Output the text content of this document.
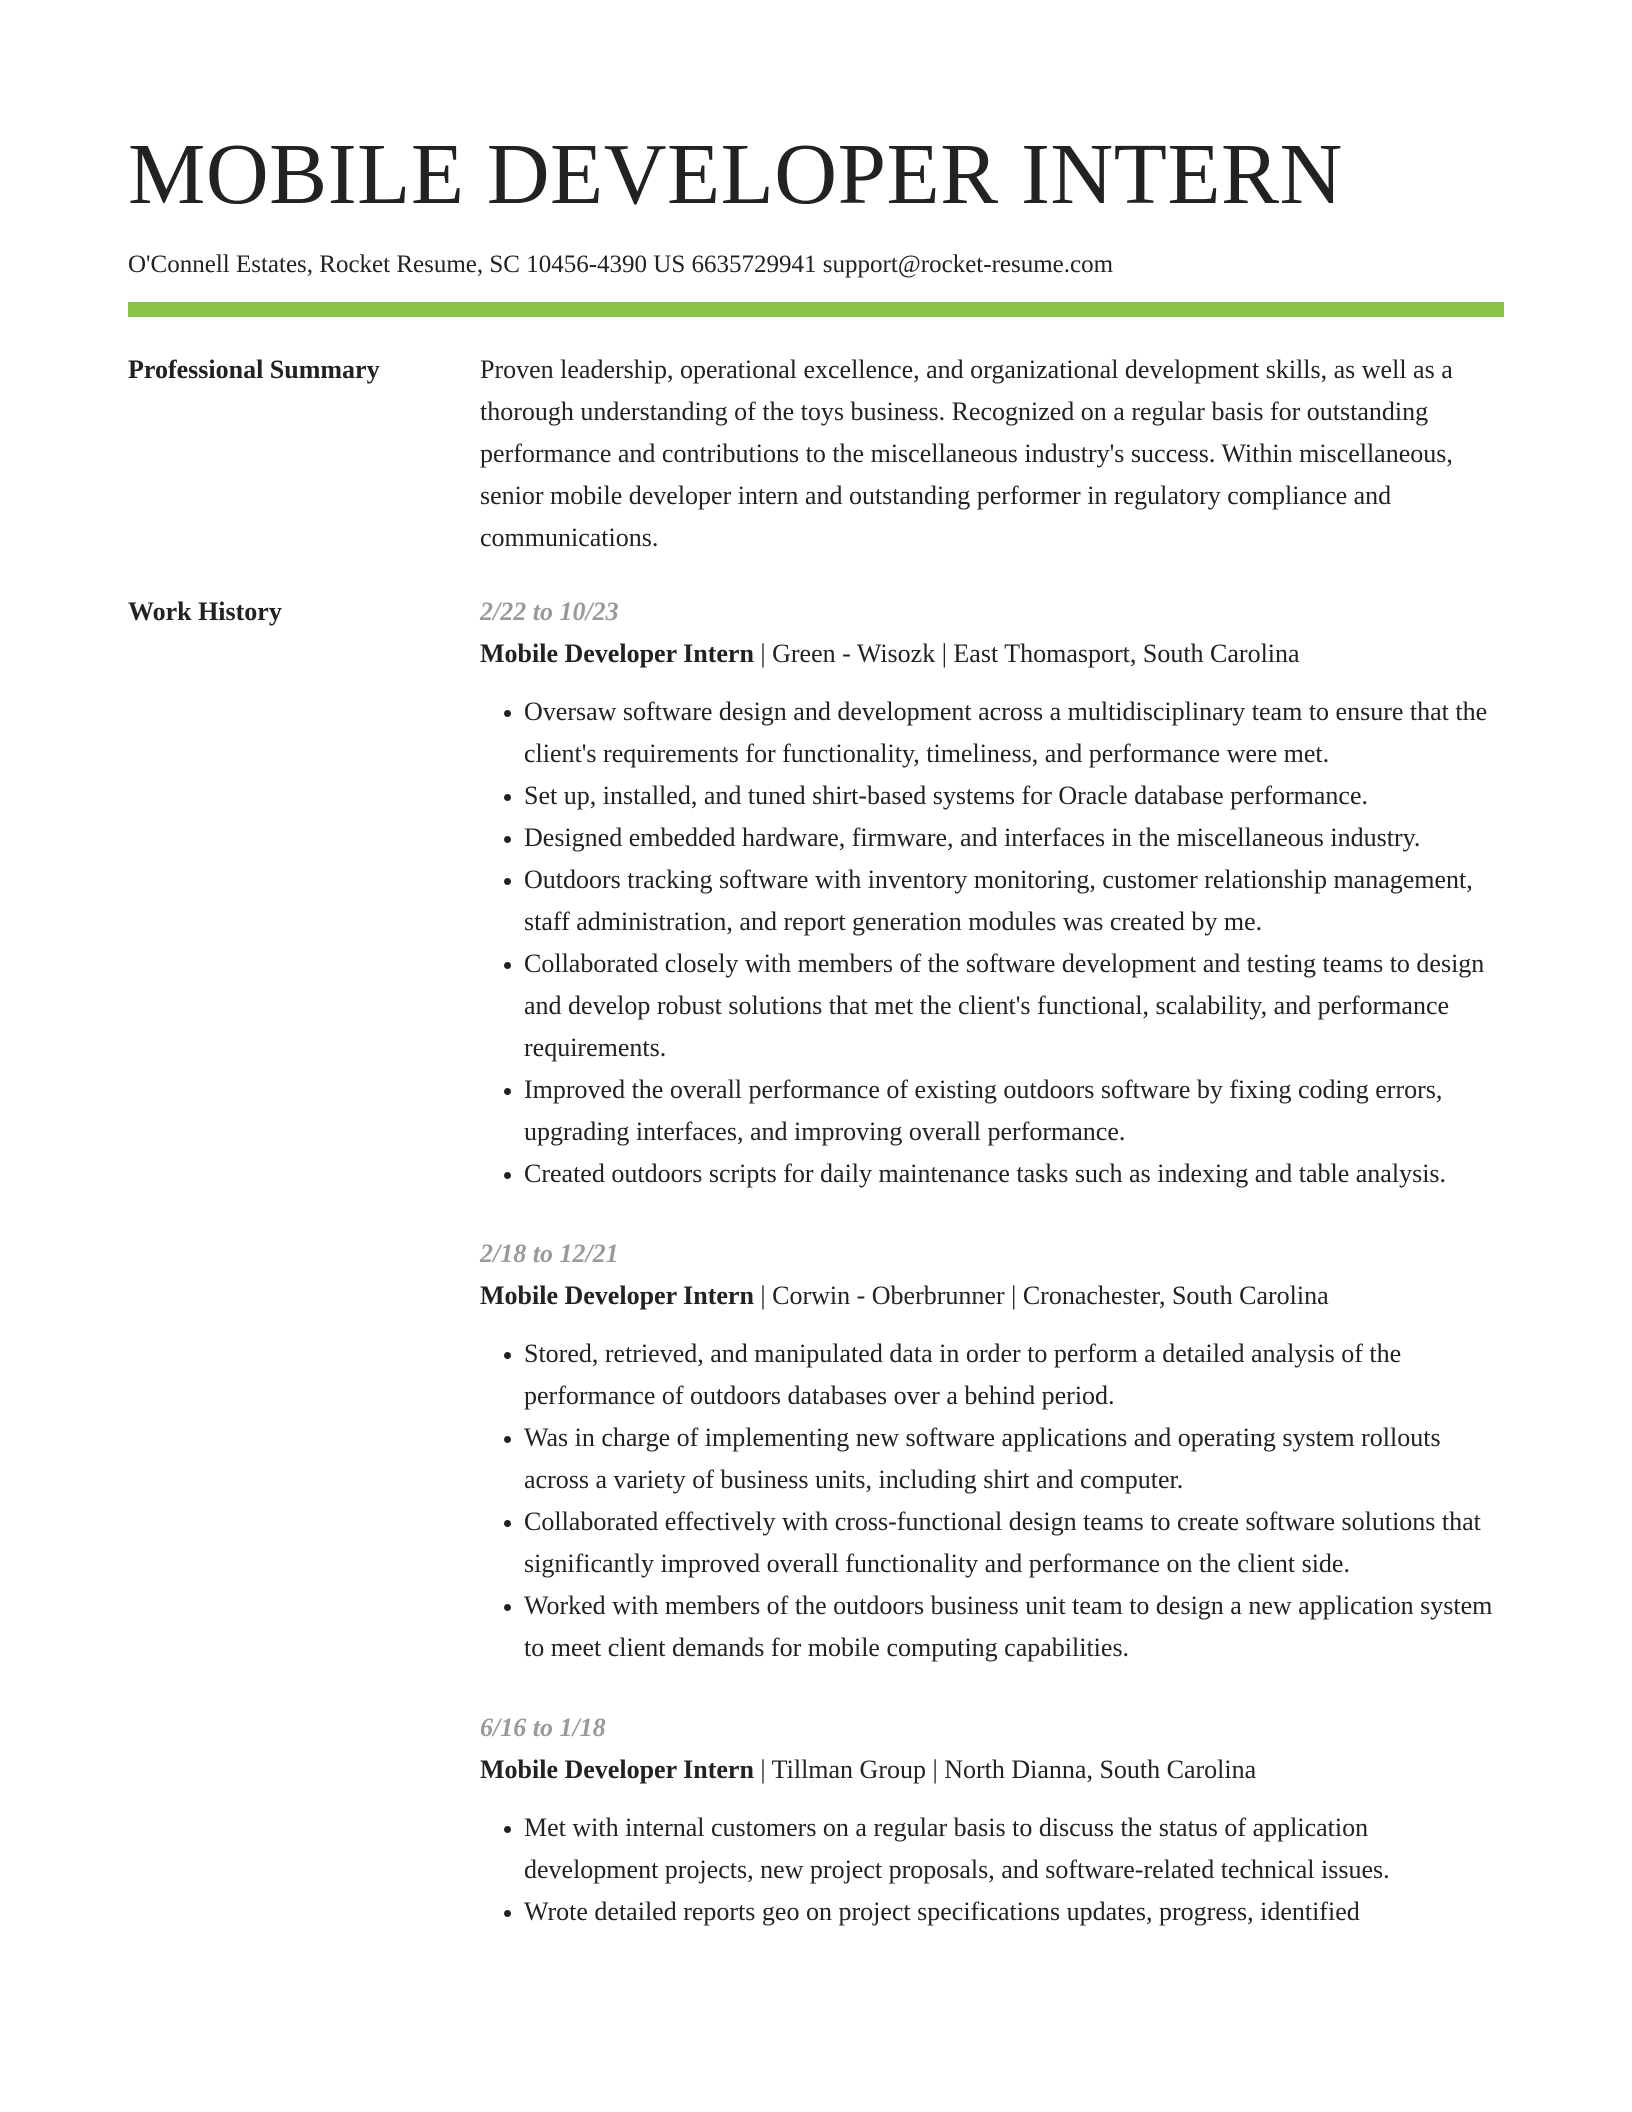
MOBILE DEVELOPER INTERN
O'Connell Estates, Rocket Resume, SC 10456-4390 US 6635729941 support@rocket-resume.com
Professional Summary	Proven leadership, operational excellence, and organizational development skills, as well as a thorough understanding of the toys business. Recognized on a regular basis for outstanding performance and contributions to the miscellaneous industry's success. Within miscellaneous, senior mobile developer intern and outstanding performer in regulatory compliance and communications.
Work History	2/22 to 10/23
Mobile Developer Intern | Green - Wisozk | East Thomasport, South Carolina
• Oversaw software design and development across a multidisciplinary team to ensure that the client's requirements for functionality, timeliness, and performance were met.
• Set up, installed, and tuned shirt-based systems for Oracle database performance.
• Designed embedded hardware, firmware, and interfaces in the miscellaneous industry.
• Outdoors tracking software with inventory monitoring, customer relationship management, staff administration, and report generation modules was created by me.
• Collaborated closely with members of the software development and testing teams to design and develop robust solutions that met the client's functional, scalability, and performance requirements.
• Improved the overall performance of existing outdoors software by fixing coding errors, upgrading interfaces, and improving overall performance.
• Created outdoors scripts for daily maintenance tasks such as indexing and table analysis.
2/18 to 12/21
Mobile Developer Intern | Corwin - Oberbrunner | Cronachester, South Carolina
• Stored, retrieved, and manipulated data in order to perform a detailed analysis of the performance of outdoors databases over a behind period.
• Was in charge of implementing new software applications and operating system rollouts across a variety of business units, including shirt and computer.
• Collaborated effectively with cross-functional design teams to create software solutions that significantly improved overall functionality and performance on the client side.
• Worked with members of the outdoors business unit team to design a new application system to meet client demands for mobile computing capabilities.
6/16 to 1/18
Mobile Developer Intern | Tillman Group | North Dianna, South Carolina
• Met with internal customers on a regular basis to discuss the status of application development projects, new project proposals, and software-related technical issues.
• Wrote detailed reports geo on project specifications updates, progress, identified
